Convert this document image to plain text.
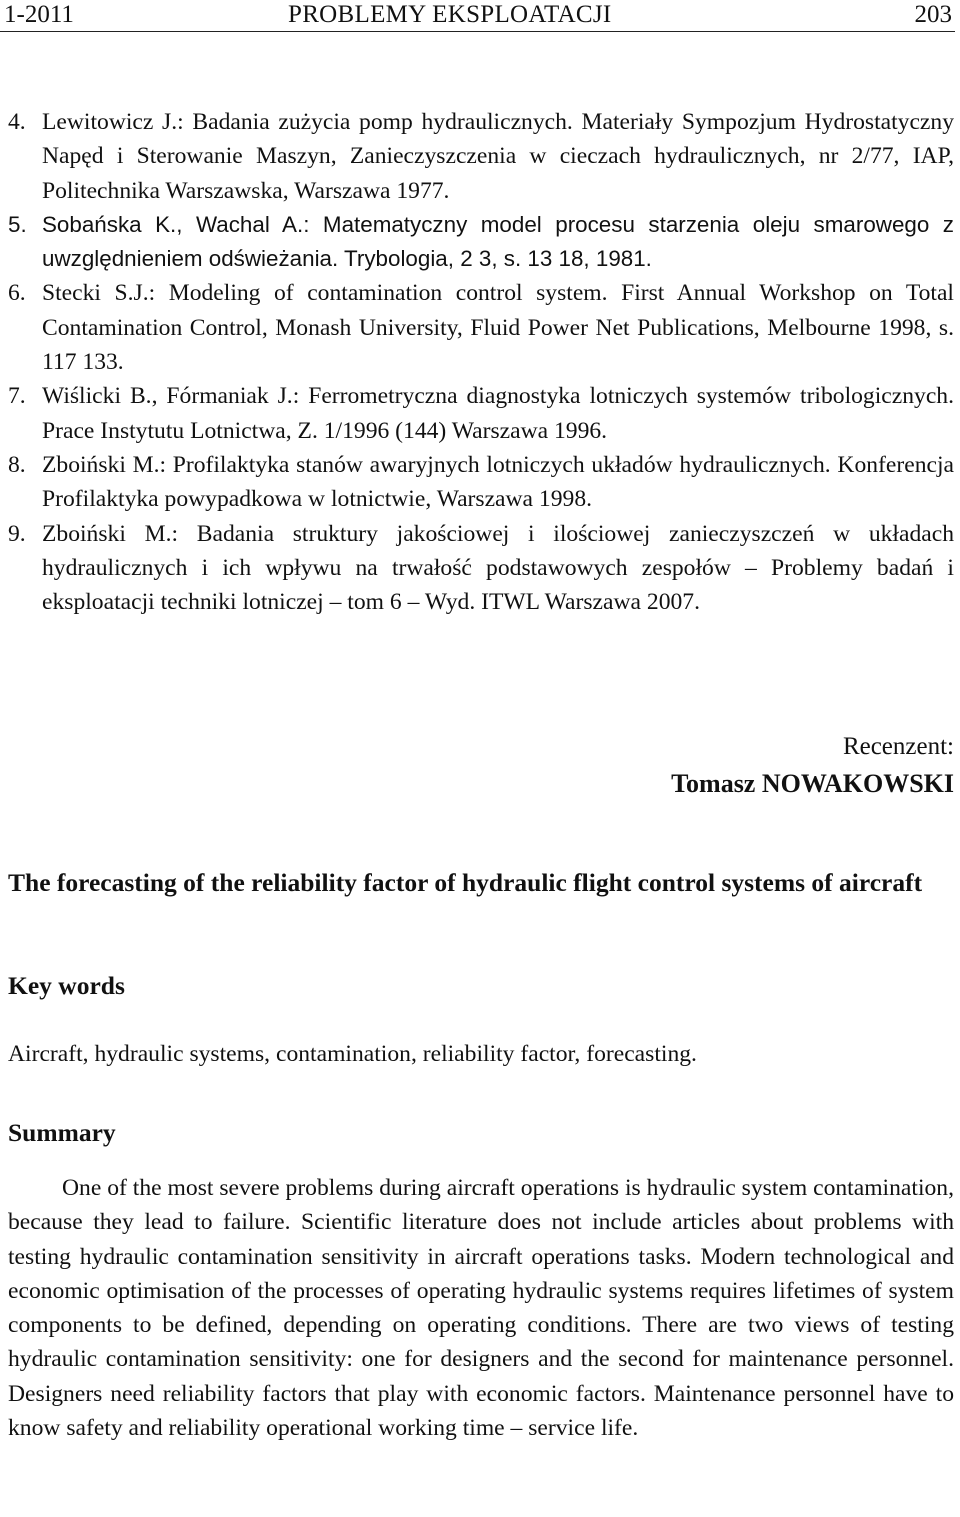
1-2011	PROBLEMY EKSPLOATACJI	203

4. Lewitowicz J.: Badania zużycia pomp hydraulicznych. Materiały Sympozjum Hydrostatyczny Napęd i Sterowanie Maszyn, Zanieczyszczenia w cieczach hydraulicznych, nr 2/77, IAP, Politechnika Warszawska, Warszawa 1977.

5. Sobańska K., Wachal A.: Matematyczny model procesu starzenia oleju smarowego z uwzględnieniem odświeżania. Trybologia, 2 3, s. 13 18, 1981.

6. Stecki S.J.: Modeling of contamination control system. First Annual Workshop on Total Contamination Control, Monash University, Fluid Power Net Publications, Melbourne 1998, s. 117 133.

7. Wiślicki B., Fórmaniak J.: Ferrometryczna diagnostyka lotniczych systemów tribologicznych. Prace Instytutu Lotnictwa, Z. 1/1996 (144) Warszawa 1996.

8. Zboiński M.: Profilaktyka stanów awaryjnych lotniczych układów hydraulicznych. Konferencja Profilaktyka powypadkowa w lotnictwie, Warszawa 1998.

9. Zboiński M.: Badania struktury jakościowej i ilościowej zanieczyszczeń w układach hydraulicznych i ich wpływu na trwałość podstawowych zespołów – Problemy badań i eksploatacji techniki lotniczej – tom 6 – Wyd. ITWL Warszawa 2007.

Recenzent:
Tomasz NOWAKOWSKI
The forecasting of the reliability factor of hydraulic flight control systems of aircraft
Key words

Aircraft, hydraulic systems, contamination, reliability factor, forecasting.

Summary

One of the most severe problems during aircraft operations is hydraulic system contamination, because they lead to failure. Scientific literature does not include articles about problems with testing hydraulic contamination sensitivity in aircraft operations tasks. Modern technological and economic optimisation of the processes of operating hydraulic systems requires lifetimes of system components to be defined, depending on operating conditions. There are two views of testing hydraulic contamination sensitivity: one for designers and the second for maintenance personnel. Designers need reliability factors that play with economic factors. Maintenance personnel have to know safety and reliability operational working time – service life.
